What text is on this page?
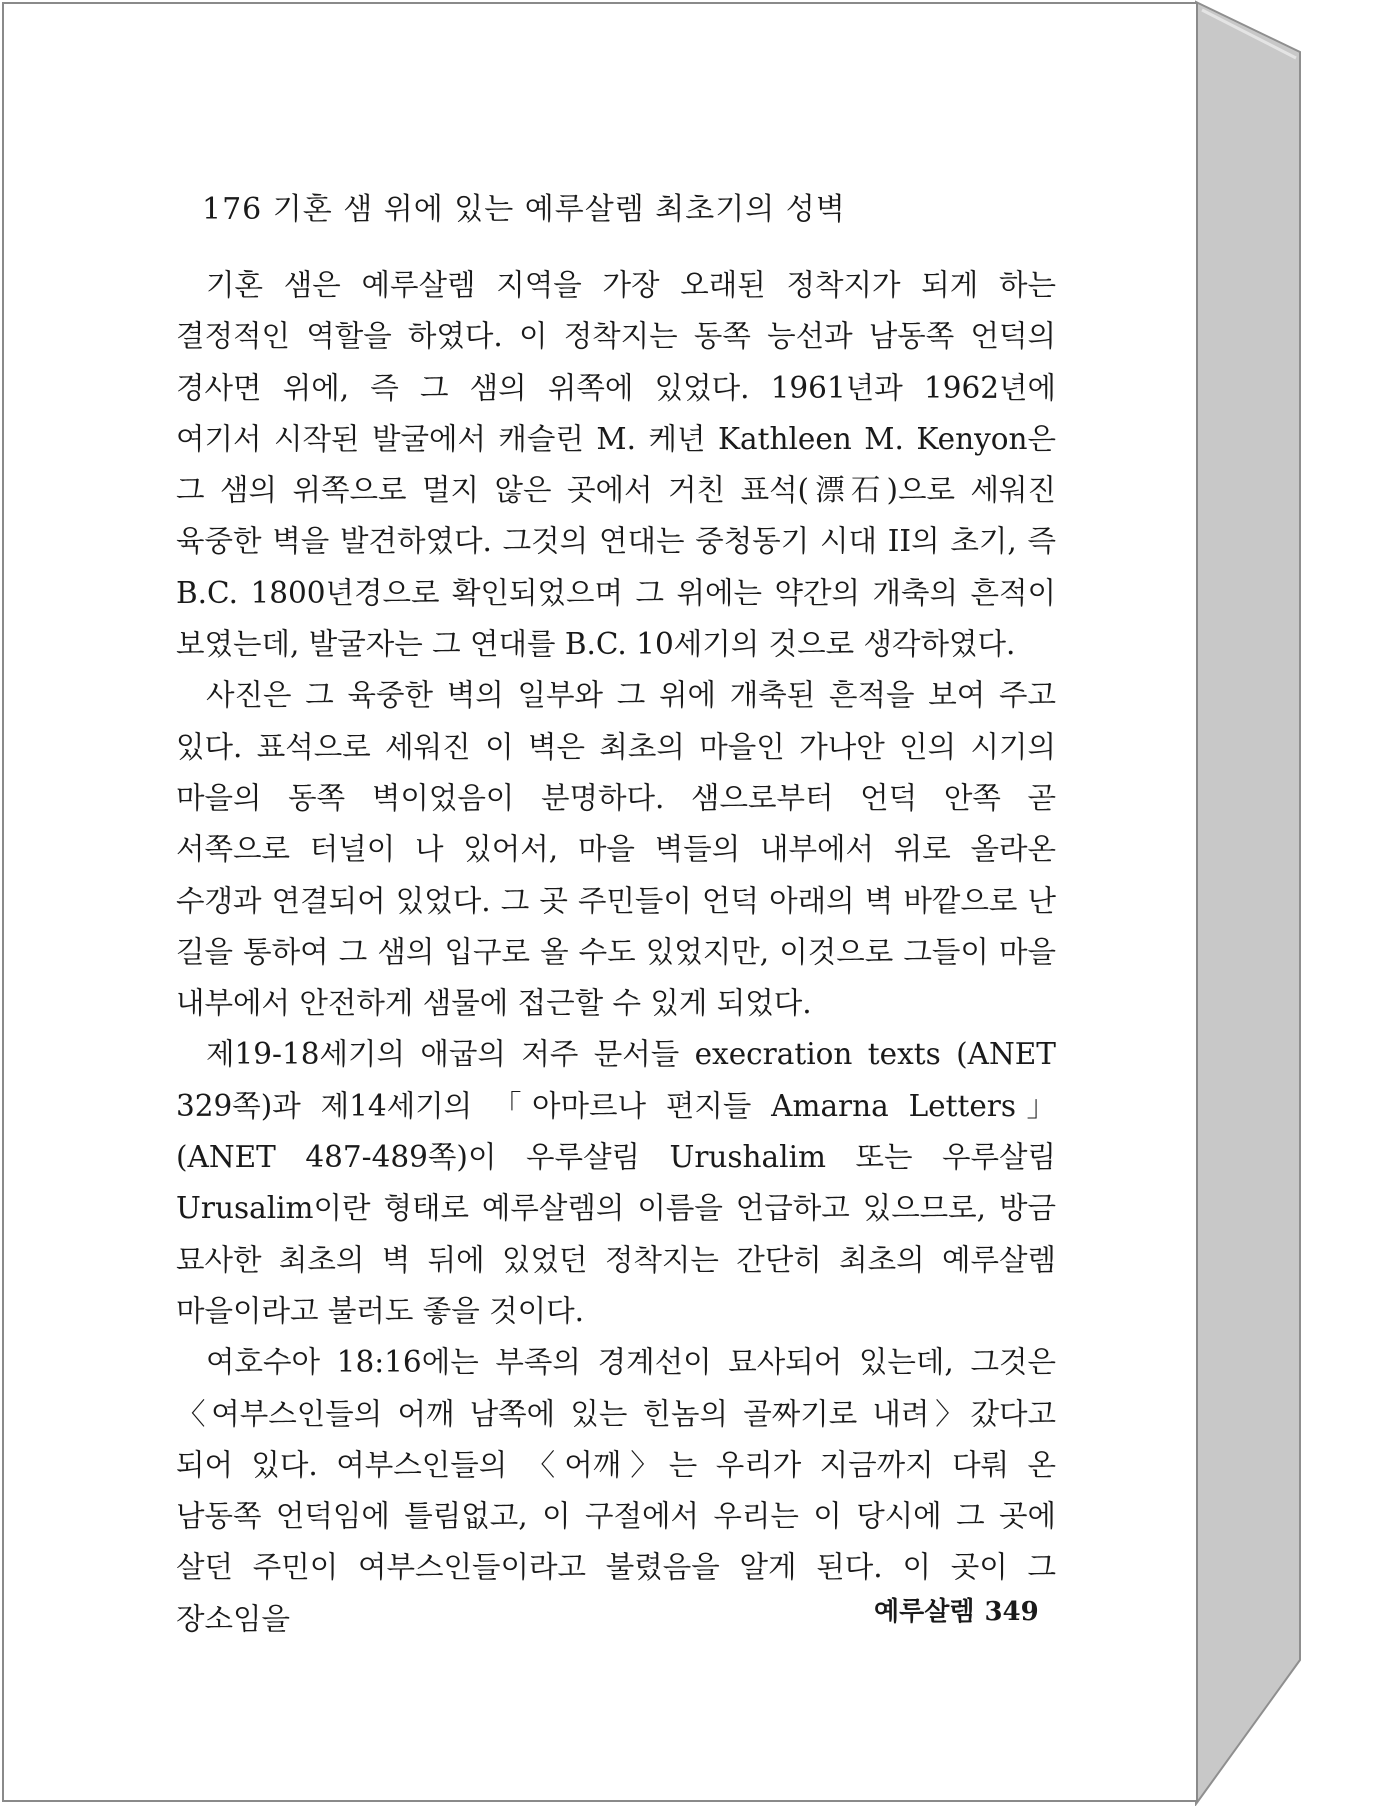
176 기혼 샘 위에 있는 예루살렘 최초기의 성벽

기혼 샘은 예루살렘 지역을 가장 오래된 정착지가 되게 하는 결정적인 역할을 하였다. 이 정착지는 동쪽 능선과 남동쪽 언덕의 경사면 위에, 즉 그 샘의 위쪽에 있었다. 1961년과 1962년에 여기서 시작된 발굴에서 캐슬린 M. 케년 Kathleen M. Kenyon은 그 샘의 위쪽으로 멀지 않은 곳에서 거친 표석(漂石)으로 세워진 육중한 벽을 발견하였다. 그것의 연대는 중청동기 시대 II의 초기, 즉 B.C. 1800년경으로 확인되었으며 그 위에는 약간의 개축의 흔적이 보였는데, 발굴자는 그 연대를 B.C. 10세기의 것으로 생각하였다.

사진은 그 육중한 벽의 일부와 그 위에 개축된 흔적을 보여 주고 있다. 표석으로 세워진 이 벽은 최초의 마을인 가나안 인의 시기의 마을의 동쪽 벽이었음이 분명하다. 샘으로부터 언덕 안쪽 곧 서쪽으로 터널이 나 있어서, 마을 벽들의 내부에서 위로 올라온 수갱과 연결되어 있었다. 그 곳 주민들이 언덕 아래의 벽 바깥으로 난 길을 통하여 그 샘의 입구로 올 수도 있었지만, 이것으로 그들이 마을 내부에서 안전하게 샘물에 접근할 수 있게 되었다.

제19-18세기의 애굽의 저주 문서들 execration texts (ANET 329쪽)과 제14세기의 「아마르나 편지들 Amarna Letters」(ANET 487-489쪽)이 우루샬림 Urushalim 또는 우루살림 Urusalim이란 형태로 예루살렘의 이름을 언급하고 있으므로, 방금 묘사한 최초의 벽 뒤에 있었던 정착지는 간단히 최초의 예루살렘 마을이라고 불러도 좋을 것이다.

여호수아 18:16에는 부족의 경계선이 묘사되어 있는데, 그것은 〈여부스인들의 어깨 남쪽에 있는 힌놈의 골짜기로 내려〉갔다고 되어 있다. 여부스인들의 〈어깨〉는 우리가 지금까지 다뤄 온 남동쪽 언덕임에 틀림없고, 이 구절에서 우리는 이 당시에 그 곳에 살던 주민이 여부스인들이라고 불렸음을 알게 된다. 이 곳이 그 장소임을	예루살렘 349
